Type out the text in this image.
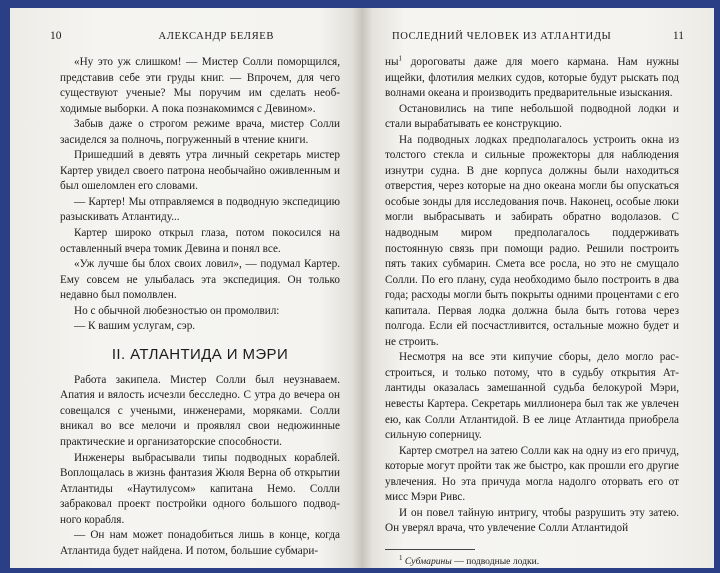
10	АЛЕКСАНДР БЕЛЯЕВ

«Ну это уж слишком! — Мистер Солли поморщился, представив себе эти груды книг. — Впрочем, для чего существуют ученые? Мы поручим им сделать необходимые выборки. А пока познакомимся с Девином».

Забыв даже о строгом режиме врача, мистер Солли засиделся за полночь, погруженный в чтение книги.

Пришедший в девять утра личный секретарь мистер Картер увидел своего патрона необычайно оживленным и был ошеломлен его словами.

— Картер! Мы отправляемся в подводную экспедицию разыскивать Атлантиду...

Картер широко открыл глаза, потом покосился на оставленный вчера томик Девина и понял все.

«Уж лучше бы блох своих ловил», — подумал Картер. Ему совсем не улыбалась эта экспедиция. Он только недавно был помолвлен.

Но с обычной любезностью он промолвил:

— К вашим услугам, сэр.

II. АТЛАНТИДА И МЭРИ

Работа закипела. Мистер Солли был неузнаваем. Апатия и вялость исчезли бесследно. С утра до вечера он совещался с учеными, инженерами, моряками. Солли вникал во все мелочи и проявлял свои недюжинные практические и организаторские способности.

Инженеры выбрасывали типы подводных кораблей. Воплощалась в жизнь фантазия Жюля Верна об открытии Атлантиды «Наутилусом» капитана Немо. Солли забраковал проект постройки одного большого подводного корабля.

— Он нам может понадобиться лишь в конце, когда Атлантида будет найдена. И потом, большие субмари-

ПОСЛЕДНИЙ ЧЕЛОВЕК ИЗ АТЛАНТИДЫ	11

$ны^1$ дороговаты даже для моего кармана. Нам нужны ищейки, флотилия мелких судов, которые будут рыскать под волнами океана и производить предварительные изыскания.

Остановились на типе небольшой подводной лодки и стали вырабатывать ее конструкцию.

На подводных лодках предполагалось устроить окна из толстого стекла и сильные прожекторы для наблюдения изнутри судна. В дне корпуса должны были находиться отверстия, через которые на дно океана могли бы опускаться особые зонды для исследования почв. Наконец, особые люки могли выбрасывать и забирать обратно водолазов. С надводным миром предполагалось поддерживать постоянную связь при помощи радио. Решили построить пять таких субмарин. Смета все росла, но это не смущало Солли. По его плану, суда необходимо было построить в два года; расходы могли быть покрыты одними процентами с его капитала. Первая лодка должна была быть готова через полгода. Если ей посчастливится, остальные можно будет и не строить.

Несмотря на все эти кипучие сборы, дело могло расстроиться, и только потому, что в судьбу открытия Атлантиды оказалась замешанной судьба белокурой Мэри, невесты Картера. Секретарь миллионера был так же увлечен ею, как Солли Атлантидой. В ее лице Атлантида приобрела сильную соперницу.

Картер смотрел на затею Солли как на одну из его причуд, которые могут пройти так же быстро, как прошли его другие увлечения. Но эта причуда могла надолго оторвать его от мисс Мэри Ривс.

И он повел тайную интригу, чтобы разрушить эту затею. Он уверял врача, что увлечение Солли Атлантидой

$^1$ Субмарины — подводные лодки.
